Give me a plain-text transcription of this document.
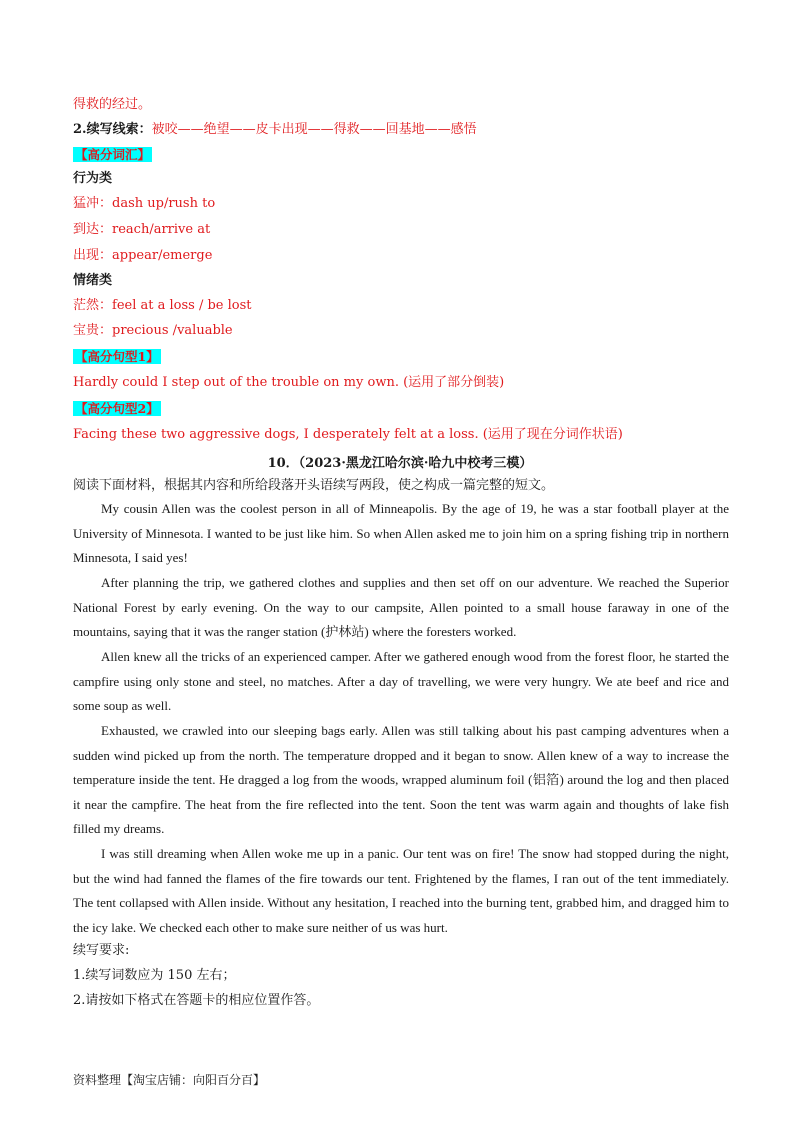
得救的经过。
2.续写线索：被咬——绝望——皮卡出现——得救——回基地——感悟
【高分词汇】
行为类
猛冲：dash up/rush to
到达：reach/arrive at
出现：appear/emerge
情绪类
茫然：feel at a loss / be lost
宝贵：precious /valuable
【高分句型1】
Hardly could I step out of the trouble on my own. (运用了部分倒装)
【高分句型2】
Facing these two aggressive dogs, I desperately felt at a loss. (运用了现在分词作状语)
10．（2023·黑龙江哈尔滨·哈九中校考三模）
阅读下面材料，根据其内容和所给段落开头语续写两段，使之构成一篇完整的短文。
My cousin Allen was the coolest person in all of Minneapolis. By the age of 19, he was a star football player at the University of Minnesota. I wanted to be just like him. So when Allen asked me to join him on a spring fishing trip in northern Minnesota, I said yes!
After planning the trip, we gathered clothes and supplies and then set off on our adventure. We reached the Superior National Forest by early evening. On the way to our campsite, Allen pointed to a small house faraway in one of the mountains, saying that it was the ranger station (护林站) where the foresters worked.
Allen knew all the tricks of an experienced camper. After we gathered enough wood from the forest floor, he started the campfire using only stone and steel, no matches. After a day of travelling, we were very hungry. We ate beef and rice and some soup as well.
Exhausted, we crawled into our sleeping bags early. Allen was still talking about his past camping adventures when a sudden wind picked up from the north. The temperature dropped and it began to snow. Allen knew of a way to increase the temperature inside the tent. He dragged a log from the woods, wrapped aluminum foil (铝箔) around the log and then placed it near the campfire. The heat from the fire reflected into the tent. Soon the tent was warm again and thoughts of lake fish filled my dreams.
I was still dreaming when Allen woke me up in a panic. Our tent was on fire! The snow had stopped during the night, but the wind had fanned the flames of the fire towards our tent. Frightened by the flames, I ran out of the tent immediately. The tent collapsed with Allen inside. Without any hesitation, I reached into the burning tent, grabbed him, and dragged him to the icy lake. We checked each other to make sure neither of us was hurt.
续写要求:
1.续写词数应为 150 左右；
2.请按如下格式在答题卡的相应位置作答。
资料整理【淘宝店铺：向阳百分百】
